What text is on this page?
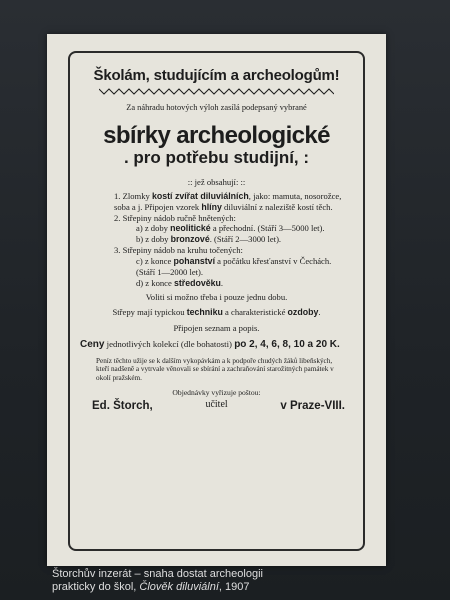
Školám, studujícím a archeologům!
Za náhradu hotových výloh zasílá podepsaný vybrané
sbírky archeologické
. pro potřebu studijní, :
:: jež obsahují: ::
1. Zlomky kostí zvířat diluviálních, jako: mamuta, nosorožce, soba a j. Připojen vzorek hlíny diluviální z naleziště kostí těch.
2. Střepiny nádob ručně hnětených:
a) z doby neolitické a přechodní. (Stáří 3—5000 let).
b) z doby bronzové. (Stáří 2—3000 let).
3. Střepiny nádob na kruhu točených:
c) z konce pohanství a počátku křesťanství v Čechách. (Stáří 1—2000 let).
d) z konce středověku.
Voliti si možno třeba i pouze jednu dobu.
Střepy mají typickou techniku a charakteristické ozdoby.
Připojen seznam a popis.
Ceny jednotlivých kolekcí (dle bohatosti) po 2, 4, 6, 8, 10 a 20 K.
Peníz těchto užije se k dalším vykopávkám a k podpoře chudých žáků libeňských, kteří nadšeně a vytrvale věnovali se sbírání a zachraňování starožitných památek v okolí pražském.
Objednávky vyřizuje poštou:
Ed. Štorch,	učitel	v Praze-VIII.
Štorchův inzerát – snaha dostat archeologii
prakticky do škol, Člověk diluviální, 1907
